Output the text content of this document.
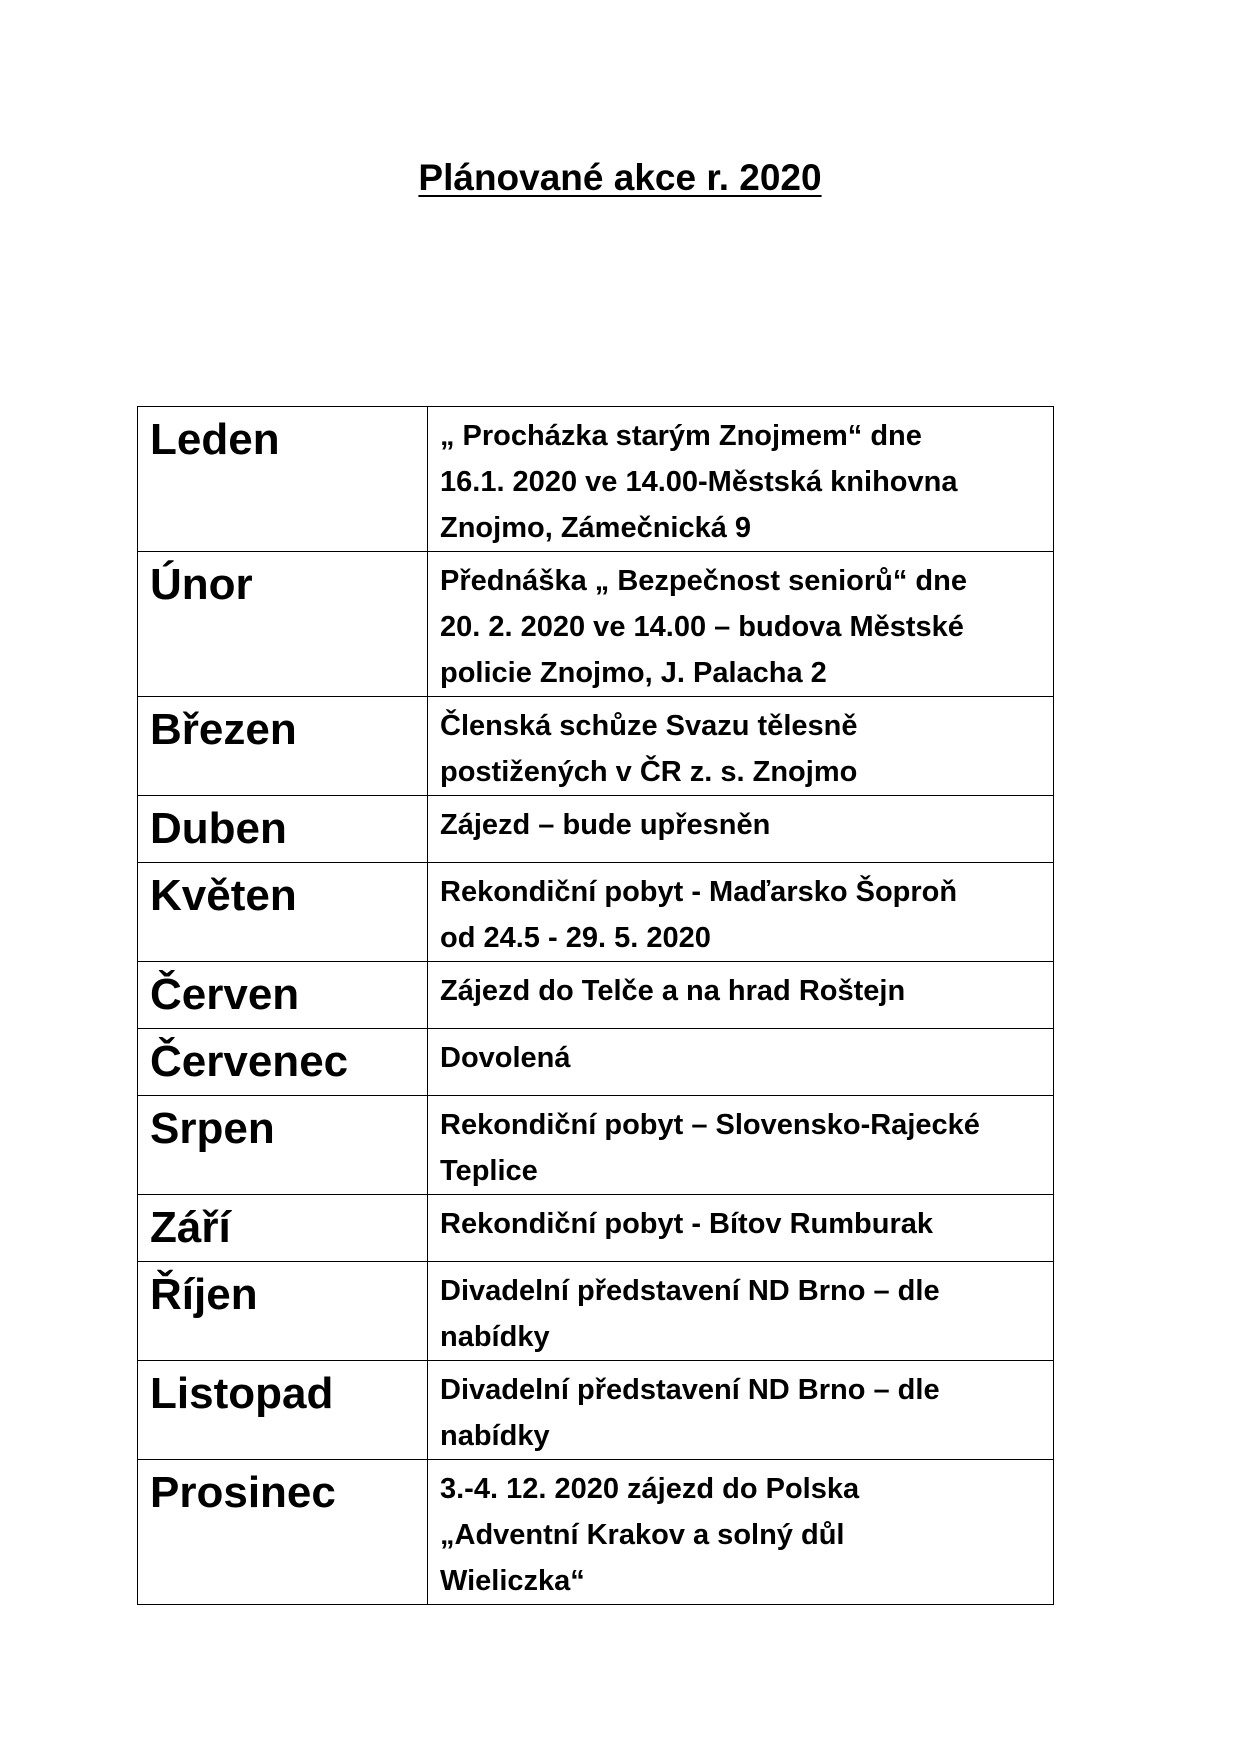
Plánované akce r. 2020
Leden	„ Procházka starým Znojmem“ dne
16.1. 2020 ve 14.00-Městská knihovna
Znojmo, Zámečnická 9

Únor	Přednáška „ Bezpečnost seniorů“ dne
20. 2. 2020 ve 14.00 – budova Městské
policie Znojmo, J. Palacha 2

Březen	Členská schůze Svazu tělesně
postižených v ČR z. s. Znojmo

Duben	Zájezd – bude upřesněn

Květen	Rekondiční pobyt - Maďarsko Šoproň
od 24.5 - 29. 5. 2020

Červen	Zájezd do Telče a na hrad Roštejn

Červenec	Dovolená

Srpen	Rekondiční pobyt – Slovensko-Rajecké
Teplice

Září	Rekondiční pobyt - Bítov Rumburak

Říjen	Divadelní představení ND Brno – dle
nabídky

Listopad	Divadelní představení ND Brno – dle
nabídky

Prosinec	3.-4. 12. 2020 zájezd do Polska
„Adventní Krakov a solný důl
Wieliczka“
